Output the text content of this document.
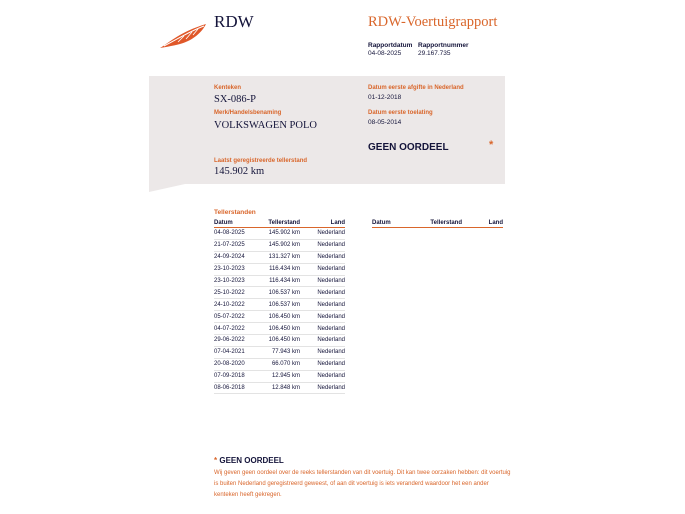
RDW	RDW-Voertuigrapport
Rapportdatum
04-08-2025
Rapportnummer
29.167.735
Kenteken
SX-086-P
Merk/Handelsbenaming
VOLKSWAGEN POLO
Datum eerste afgifte in Nederland
01-12-2018
Datum eerste toelating
08-05-2014
GEEN OORDEEL	*
Laatst geregistreerde tellerstand
145.902 km
Tellerstanden
Datum	Tellerstand	Land
04-08-2025	145.902 km	Nederland
21-07-2025	145.902 km	Nederland
24-09-2024	131.327 km	Nederland
23-10-2023	116.434 km	Nederland
23-10-2023	116.434 km	Nederland
25-10-2022	106.537 km	Nederland
24-10-2022	106.537 km	Nederland
05-07-2022	106.450 km	Nederland
04-07-2022	106.450 km	Nederland
29-06-2022	106.450 km	Nederland
07-04-2021	77.943 km	Nederland
20-08-2020	66.070 km	Nederland
07-09-2018	12.945 km	Nederland
08-06-2018	12.848 km	Nederland
Datum	Tellerstand	Land
* GEEN OORDEEL
Wij geven geen oordeel over de reeks tellerstanden van dit voertuig. Dit kan twee oorzaken hebben: dit voertuig is buiten Nederland geregistreerd geweest, of aan dit voertuig is iets veranderd waardoor het een ander kenteken heeft gekregen.
